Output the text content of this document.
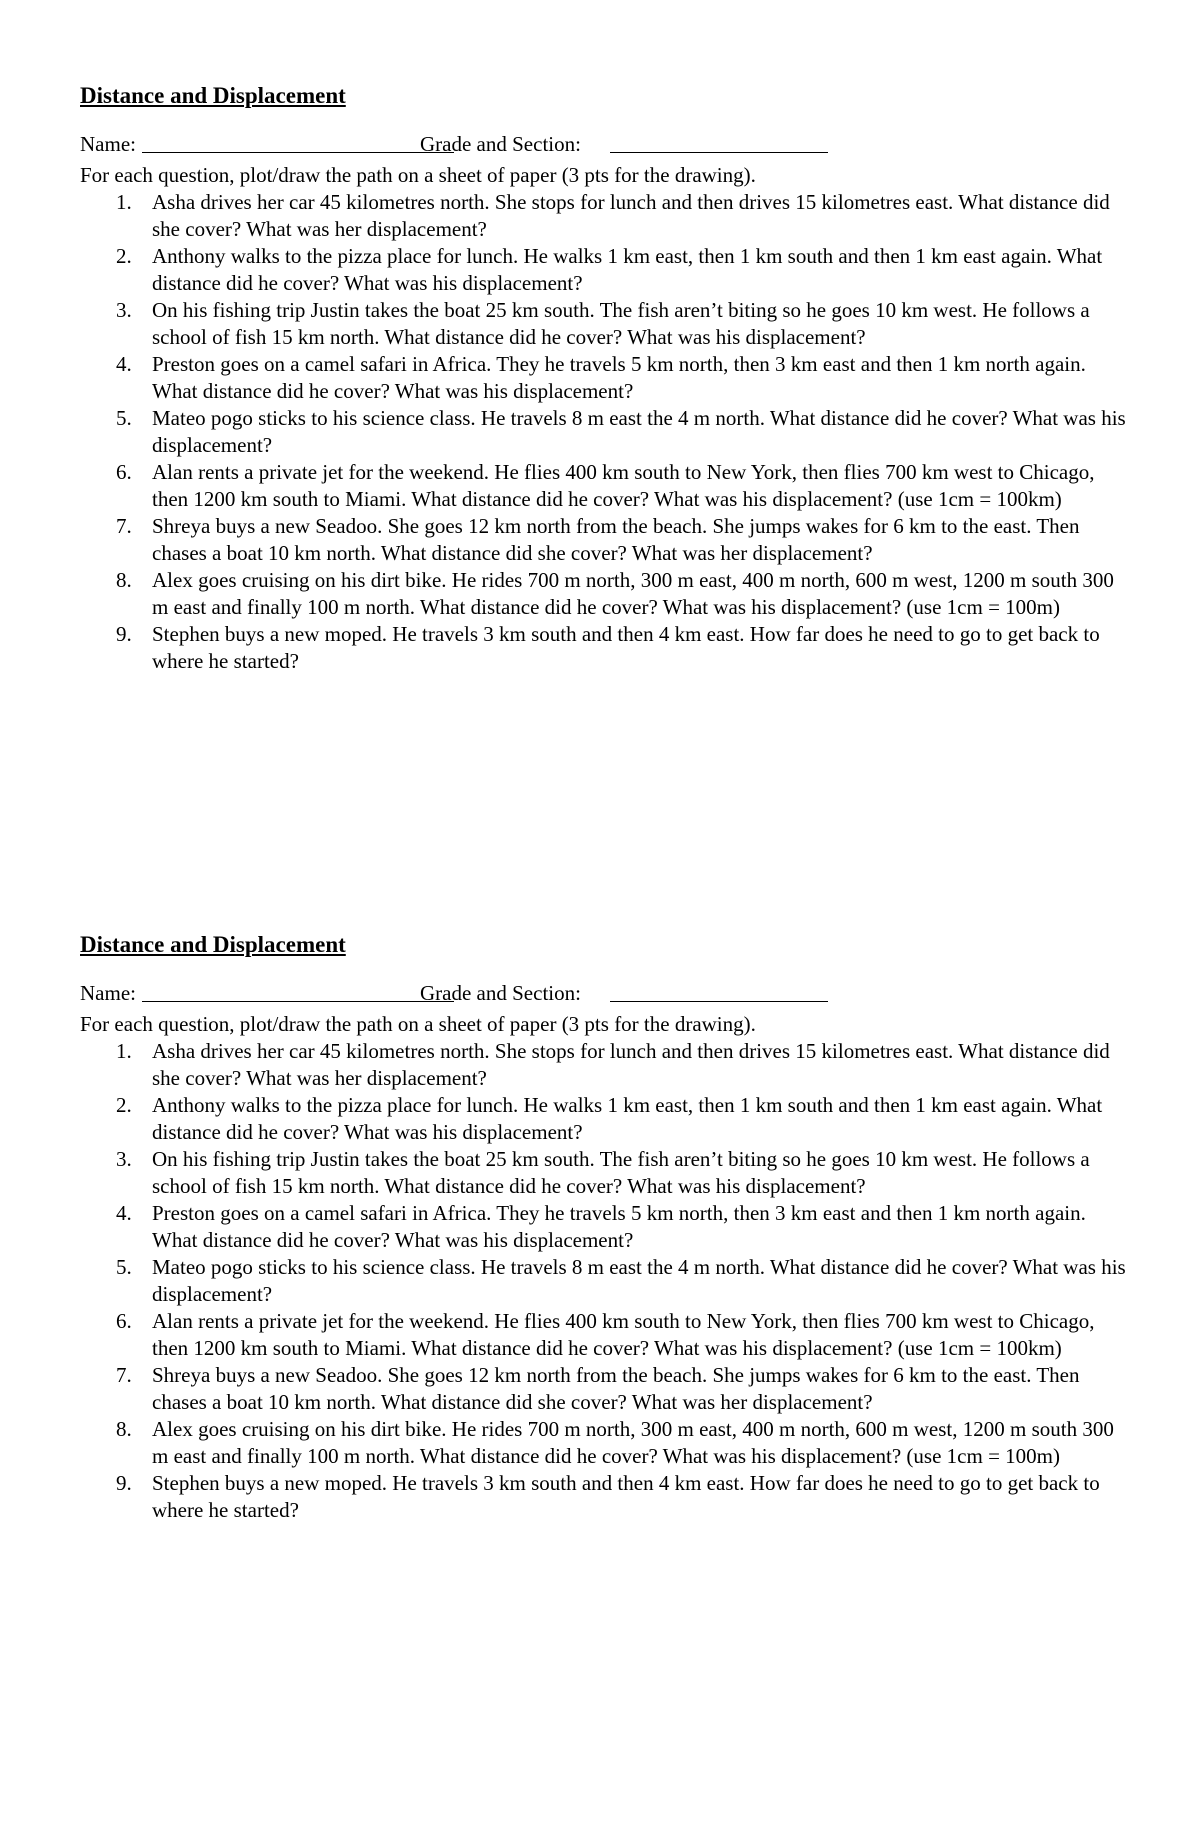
Distance and Displacement
Name:	Grade and Section:
For each question, plot/draw the path on a sheet of paper (3 pts for the drawing).
1. Asha drives her car 45 kilometres north. She stops for lunch and then drives 15 kilometres east. What distance did she cover? What was her displacement?
2. Anthony walks to the pizza place for lunch. He walks 1 km east, then 1 km south and then 1 km east again. What distance did he cover? What was his displacement?
3. On his fishing trip Justin takes the boat 25 km south. The fish aren’t biting so he goes 10 km west. He follows a school of fish 15 km north. What distance did he cover? What was his displacement?
4. Preston goes on a camel safari in Africa. They he travels 5 km north, then 3 km east and then 1 km north again. What distance did he cover? What was his displacement?
5. Mateo pogo sticks to his science class. He travels 8 m east the 4 m north. What distance did he cover? What was his displacement?
6. Alan rents a private jet for the weekend. He flies 400 km south to New York, then flies 700 km west to Chicago, then 1200 km south to Miami. What distance did he cover? What was his displacement? (use 1cm = 100km)
7. Shreya buys a new Seadoo. She goes 12 km north from the beach. She jumps wakes for 6 km to the east. Then chases a boat 10 km north. What distance did she cover? What was her displacement?
8. Alex goes cruising on his dirt bike. He rides 700 m north, 300 m east, 400 m north, 600 m west, 1200 m south 300 m east and finally 100 m north. What distance did he cover? What was his displacement? (use 1cm = 100m)
9. Stephen buys a new moped. He travels 3 km south and then 4 km east. How far does he need to go to get back to where he started?
Distance and Displacement
Name:	Grade and Section:
For each question, plot/draw the path on a sheet of paper (3 pts for the drawing).
1. Asha drives her car 45 kilometres north. She stops for lunch and then drives 15 kilometres east. What distance did she cover? What was her displacement?
2. Anthony walks to the pizza place for lunch. He walks 1 km east, then 1 km south and then 1 km east again. What distance did he cover? What was his displacement?
3. On his fishing trip Justin takes the boat 25 km south. The fish aren’t biting so he goes 10 km west. He follows a school of fish 15 km north. What distance did he cover? What was his displacement?
4. Preston goes on a camel safari in Africa. They he travels 5 km north, then 3 km east and then 1 km north again. What distance did he cover? What was his displacement?
5. Mateo pogo sticks to his science class. He travels 8 m east the 4 m north. What distance did he cover? What was his displacement?
6. Alan rents a private jet for the weekend. He flies 400 km south to New York, then flies 700 km west to Chicago, then 1200 km south to Miami. What distance did he cover? What was his displacement? (use 1cm = 100km)
7. Shreya buys a new Seadoo. She goes 12 km north from the beach. She jumps wakes for 6 km to the east. Then chases a boat 10 km north. What distance did she cover? What was her displacement?
8. Alex goes cruising on his dirt bike. He rides 700 m north, 300 m east, 400 m north, 600 m west, 1200 m south 300 m east and finally 100 m north. What distance did he cover? What was his displacement? (use 1cm = 100m)
9. Stephen buys a new moped. He travels 3 km south and then 4 km east. How far does he need to go to get back to where he started?
